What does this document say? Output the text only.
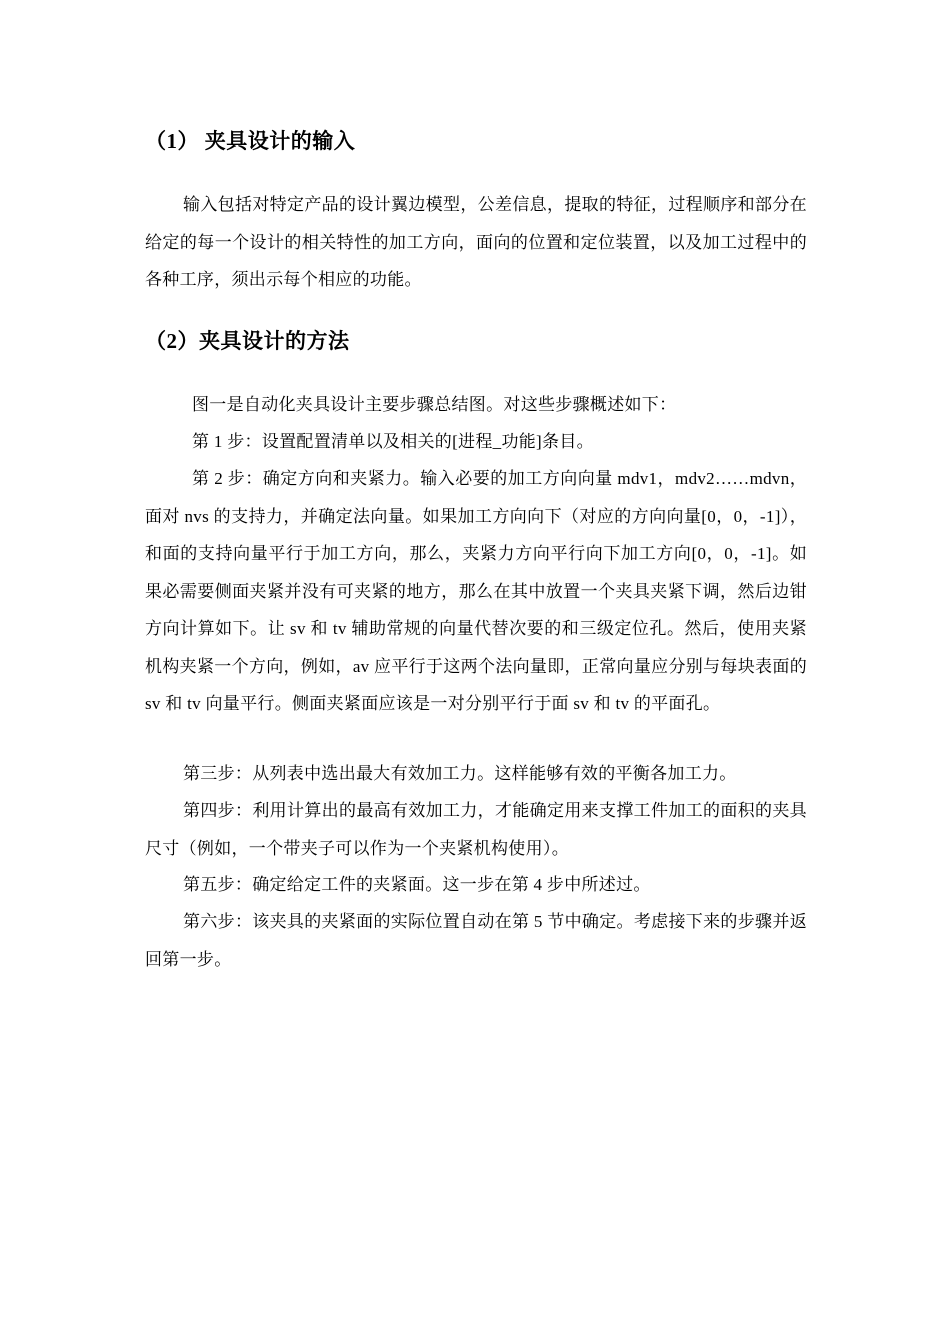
（1） 夹具设计的输入

输入包括对特定产品的设计翼边模型，公差信息，提取的特征，过程顺序和部分在给定的每一个设计的相关特性的加工方向，面向的位置和定位装置，以及加工过程中的各种工序，须出示每个相应的功能。

（2）夹具设计的方法

图一是自动化夹具设计主要步骤总结图。对这些步骤概述如下：

第 1 步：设置配置清单以及相关的[进程_功能]条目。

第 2 步：确定方向和夹紧力。输入必要的加工方向向量 mdv1，mdv2……mdvn，面对 nvs 的支持力，并确定法向量。如果加工方向向下（对应的方向向量[0，0，-1]），和面的支持向量平行于加工方向，那么，夹紧力方向平行向下加工方向[0，0，-1]。如果必需要侧面夹紧并没有可夹紧的地方，那么在其中放置一个夹具夹紧下调，然后边钳方向计算如下。让 sv 和 tv 辅助常规的向量代替次要的和三级定位孔。然后，使用夹紧机构夹紧一个方向，例如，av 应平行于这两个法向量即，正常向量应分别与每块表面的 sv 和 tv 向量平行。侧面夹紧面应该是一对分别平行于面 sv 和 tv 的平面孔。

第三步：从列表中选出最大有效加工力。这样能够有效的平衡各加工力。

第四步：利用计算出的最高有效加工力，才能确定用来支撑工件加工的面积的夹具尺寸（例如，一个带夹子可以作为一个夹紧机构使用）。

第五步：确定给定工件的夹紧面。这一步在第 4 步中所述过。

第六步：该夹具的夹紧面的实际位置自动在第 5 节中确定。考虑接下来的步骤并返回第一步。
